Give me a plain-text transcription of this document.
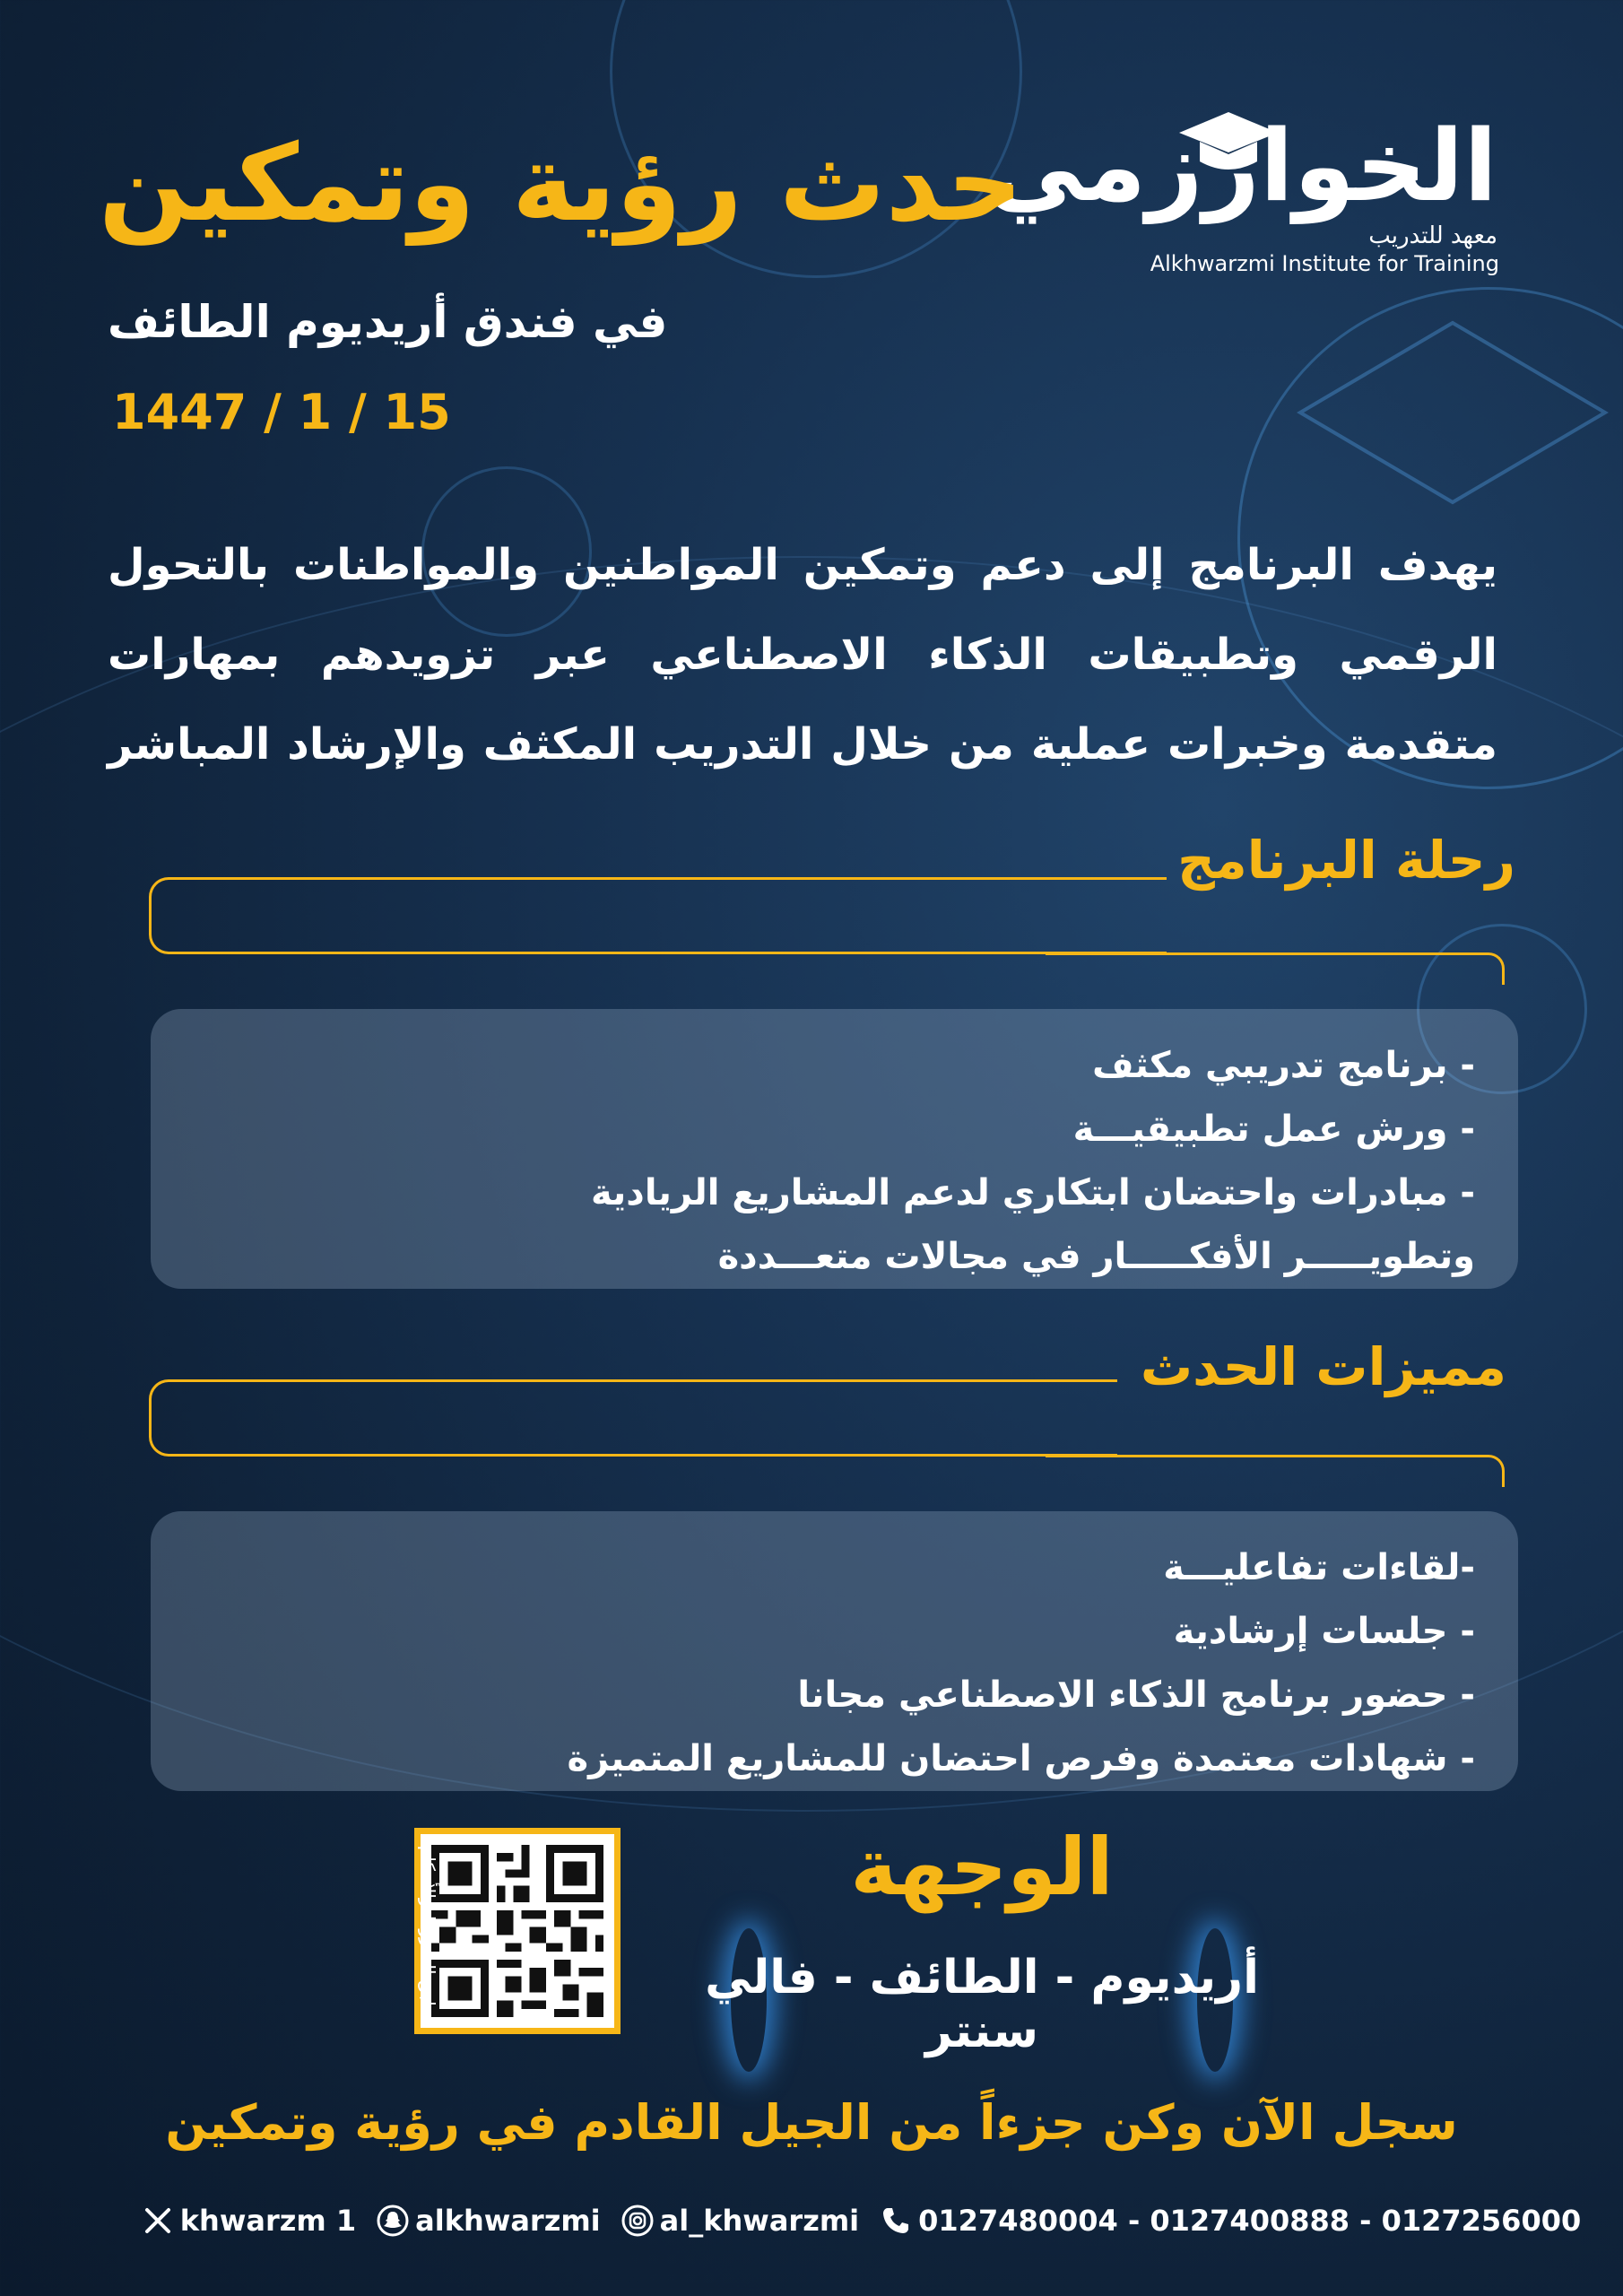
الخوارزمي
معهد للتدريب
Alkhwarzmi Institute for Training
حدث رؤية وتمكين
في فندق أريديوم الطائف
1447 / 1 / 15

يهدف البرنامج إلى دعم وتمكين المواطنين والمواطنات بالتحول

الرقمي وتطبيقات الذكاء الاصطناعي عبر تزويدهم بمهارات

متقدمة وخبرات عملية من خلال التدريب المكثف والإرشاد المباشر

رحلة البرنامج
- برنامج تدريبي مكثف
- ورش عمل تطبيقيـــة
- مبادرات واحتضان ابتكاري لدعم المشاريع الريادية
وتطويـــــر الأفكـــــار في مجالات متعـــددة
مميزات الحدث
-لقاءات تفاعليـــة
- جلسات إرشادية
- حضور برنامج الذكاء الاصطناعي مجانا
- شهادات معتمدة وفرص احتضان للمشاريع المتميزة
الوجهة
أريديوم - الطائف - فالي سنتر
تطبق الشروط والأحكام
سجل الآن وكن جزءاً من الجيل القادم في رؤية وتمكين
khwarzm 1 alkhwarzmi al_khwarzmi 0127480004 - 0127400888 - 0127256000
